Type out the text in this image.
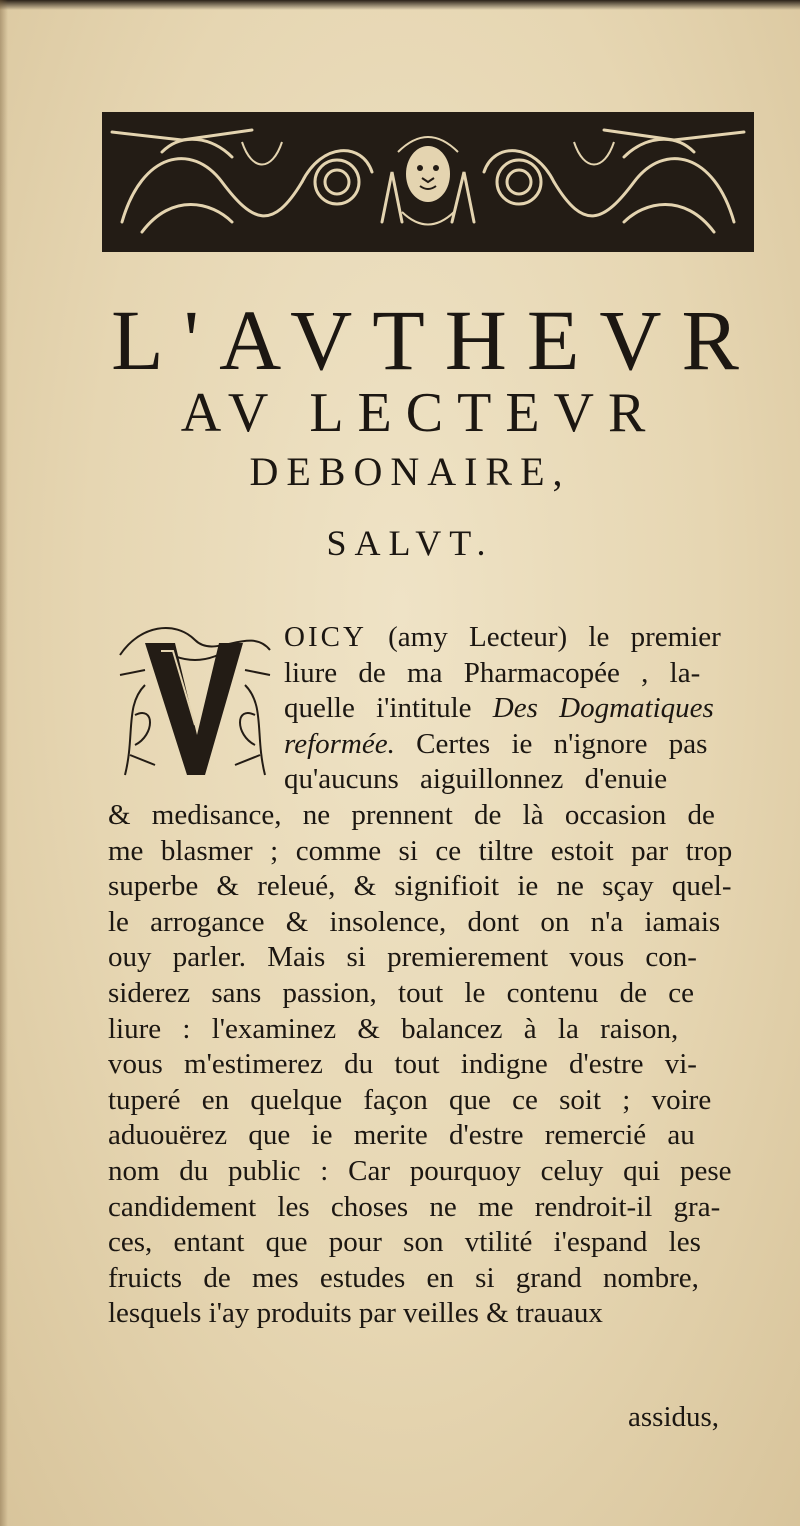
L'AVTHEVR
AV LECTEVR
DEBONAIRE,
SALVT.
OICY (amy Lecteur) le premier
liure de ma Pharmacopée , la-
quelle i'intitule Des Dogmatiques
reformée. Certes ie n'ignore pas
qu'aucuns aiguillonnez d'enuie
& medisance, ne prennent de là occasion de
me blasmer ; comme si ce tiltre estoit par trop
superbe & releué, & signifioit ie ne sçay quel-
le arrogance & insolence, dont on n'a iamais
ouy parler. Mais si premierement vous con-
siderez sans passion, tout le contenu de ce
liure : l'examinez & balancez à la raison,
vous m'estimerez du tout indigne d'estre vi-
tuperé en quelque façon que ce soit ; voire
aduouërez que ie merite d'estre remercié au
nom du public : Car pourquoy celuy qui pese
candidement les choses ne me rendroit-il gra-
ces, entant que pour son vtilité i'espand les
fruicts de mes estudes en si grand nombre,
lesquels i'ay produits par veilles & trauaux
assidus,
